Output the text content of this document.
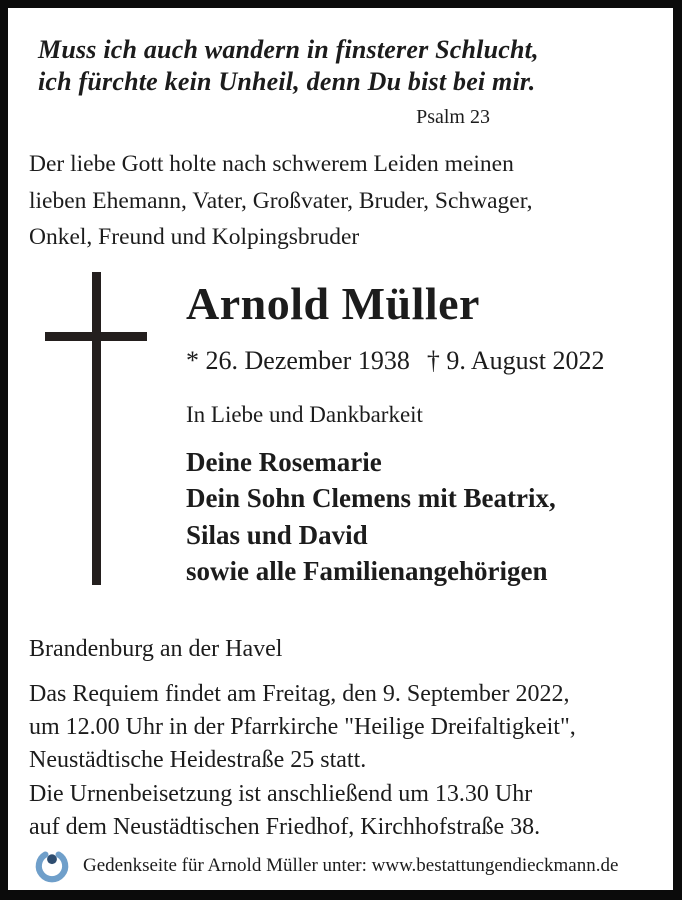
Muss ich auch wandern in finsterer Schlucht,
ich fürchte kein Unheil, denn Du bist bei mir.
Psalm 23
Der liebe Gott holte nach schwerem Leiden meinen
lieben Ehemann, Vater, Großvater, Bruder, Schwager,
Onkel, Freund und Kolpingsbruder
Arnold Müller
* 26. Dezember 1938 † 9. August 2022
In Liebe und Dankbarkeit
Deine Rosemarie
Dein Sohn Clemens mit Beatrix,
Silas und David
sowie alle Familienangehörigen
Brandenburg an der Havel
Das Requiem findet am Freitag, den 9. September 2022,
um 12.00 Uhr in der Pfarrkirche "Heilige Dreifaltigkeit",
Neustädtische Heidestraße 25 statt.
Die Urnenbeisetzung ist anschließend um 13.30 Uhr
auf dem Neustädtischen Friedhof, Kirchhofstraße 38.
Gedenkseite für Arnold Müller unter: www.bestattungendieckmann.de
